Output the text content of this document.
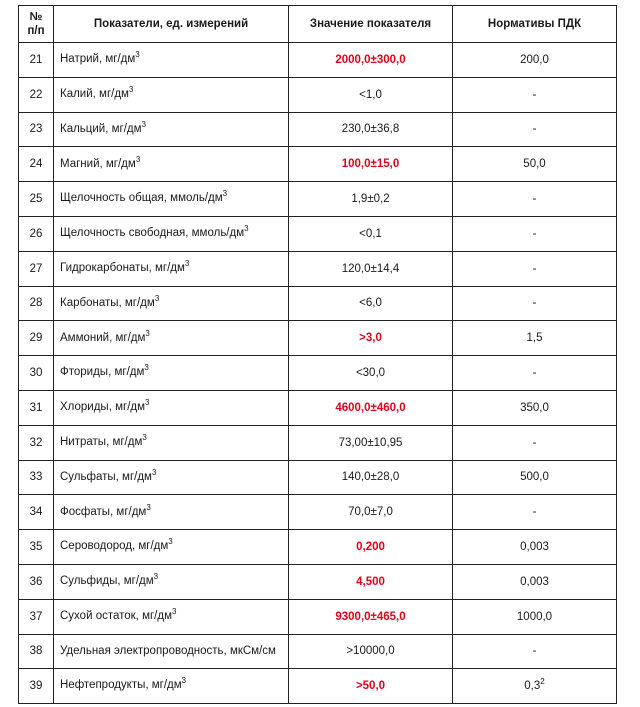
№
п/п	Показатели, ед. измерений	Значение показателя	Нормативы ПДК
21	Натрий, $мг/дм^3$	2000,0±300,0	200,0
22	Калий, $мг/дм^3$	<1,0	-
23	Кальций, $мг/дм^3$	230,0±36,8	-
24	Магний, $мг/дм^3$	100,0±15,0	50,0
25	Щелочность общая, ммоль/$дм^3$	1,9±0,2	-
26	Щелочность свободная, ммоль/$дм^3$	<0,1	-
27	Гидрокарбонаты, $мг/дм^3$	120,0±14,4	-
28	Карбонаты, $мг/дм^3$	<6,0	-
29	Аммоний, $мг/дм^3$	>3,0	1,5
30	Фториды, $мг/дм^3$	<30,0	-
31	Хлориды, $мг/дм^3$	4600,0±460,0	350,0
32	Нитраты, $мг/дм^3$	73,00±10,95	-
33	Сульфаты, $мг/дм^3$	140,0±28,0	500,0
34	Фосфаты, $мг/дм^3$	70,0±7,0	-
35	Сероводород, $мг/дм^3$	0,200	0,003
36	Сульфиды, $мг/дм^3$	4,500	0,003
37	Сухой остаток, $мг/дм^3$	9300,0±465,0	1000,0
38	Удельная электропроводность, мкСм/см	>10000,0	-
39	Нефтепродукты, $мг/дм^3$	>50,0	$0,3^2$
